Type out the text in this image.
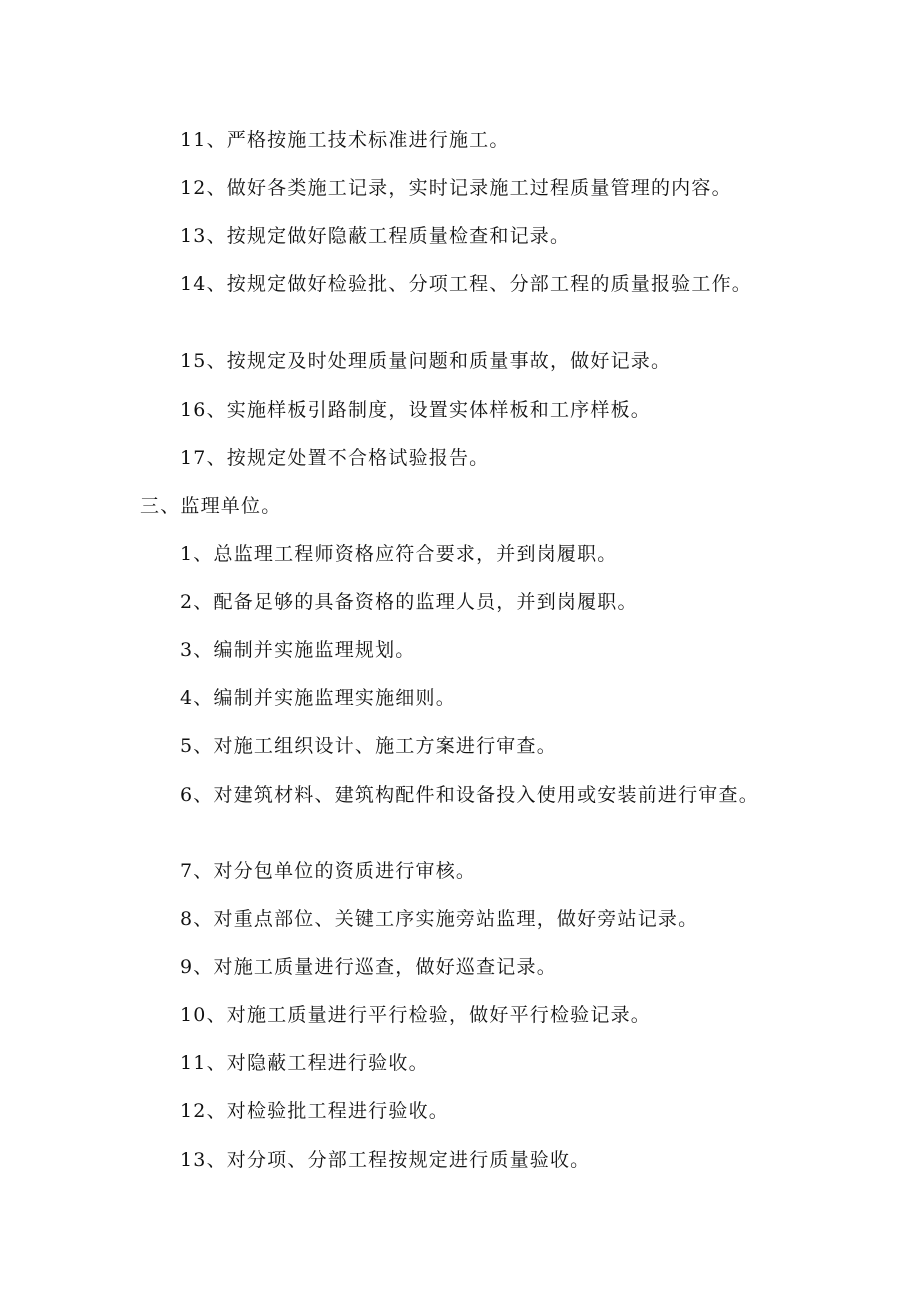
11、严格按施工技术标准进行施工。

12、做好各类施工记录，实时记录施工过程质量管理的内容。

13、按规定做好隐蔽工程质量检查和记录。

14、按规定做好检验批、分项工程、分部工程的质量报验工作。

15、按规定及时处理质量问题和质量事故，做好记录。

16、实施样板引路制度，设置实体样板和工序样板。

17、按规定处置不合格试验报告。

三、监理单位。

1、总监理工程师资格应符合要求，并到岗履职。

2、配备足够的具备资格的监理人员，并到岗履职。

3、编制并实施监理规划。

4、编制并实施监理实施细则。

5、对施工组织设计、施工方案进行审查。

6、对建筑材料、建筑构配件和设备投入使用或安装前进行审查。

7、对分包单位的资质进行审核。

8、对重点部位、关键工序实施旁站监理，做好旁站记录。

9、对施工质量进行巡查，做好巡查记录。

10、对施工质量进行平行检验，做好平行检验记录。

11、对隐蔽工程进行验收。

12、对检验批工程进行验收。

13、对分项、分部工程按规定进行质量验收。
